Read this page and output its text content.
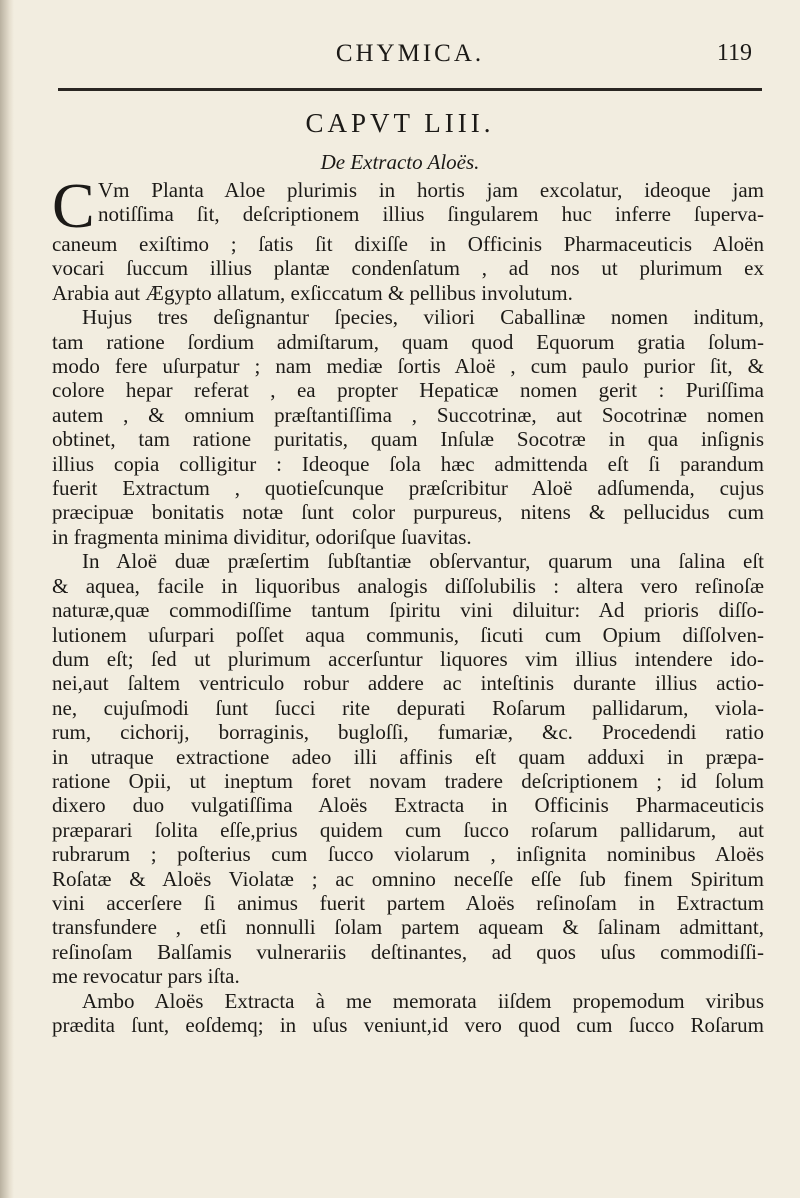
CHYMICA.	119
CAPVT LIII.
De Extracto Aloës.
C Vm Planta Aloe plurimis in hortis jam excolatur, ideoque jam
notiſſima ſit, deſcriptionem illius ſingularem huc inferre ſuperva-
caneum exiſtimo ; ſatis ſit dixiſſe in Officinis Pharmaceuticis Aloën
vocari ſuccum illius plantæ condenſatum , ad nos ut plurimum ex
Arabia aut Ægypto allatum, exſiccatum & pellibus involutum.
Hujus tres deſignantur ſpecies, viliori Caballinæ nomen inditum,
tam ratione ſordium admiſtarum, quam quod Equorum gratia ſolum-
modo fere uſurpatur ; nam mediæ ſortis Aloë , cum paulo purior ſit, &
colore hepar referat , ea propter Hepaticæ nomen gerit : Puriſſima
autem , & omnium præſtantiſſima , Succotrinæ, aut Socotrinæ nomen
obtinet, tam ratione puritatis, quam Inſulæ Socotræ in qua inſignis
illius copia colligitur : Ideoque ſola hæc admittenda eſt ſi parandum
fuerit Extractum , quotieſcunque præſcribitur Aloë adſumenda, cujus
præcipuæ bonitatis notæ ſunt color purpureus, nitens & pellucidus cum
in fragmenta minima dividitur, odoriſque ſuavitas.
In Aloë duæ præſertim ſubſtantiæ obſervantur, quarum una ſalina eſt
& aquea, facile in liquoribus analogis diſſolubilis : altera vero reſinoſæ
naturæ,quæ commodiſſime tantum ſpiritu vini diluitur: Ad prioris diſſo-
lutionem uſurpari poſſet aqua communis, ſicuti cum Opium diſſolven-
dum eſt; ſed ut plurimum accerſuntur liquores vim illius intendere ido-
nei,aut ſaltem ventriculo robur addere ac inteſtinis durante illius actio-
ne, cujuſmodi ſunt ſucci rite depurati Roſarum pallidarum, viola-
rum, cichorij, borraginis, bugloſſi, fumariæ, &c. Procedendi ratio
in utraque extractione adeo illi affinis eſt quam adduxi in præpa-
ratione Opii, ut ineptum foret novam tradere deſcriptionem ; id ſolum
dixero duo vulgatiſſima Aloës Extracta in Officinis Pharmaceuticis
præparari ſolita eſſe,prius quidem cum ſucco roſarum pallidarum, aut
rubrarum ; poſterius cum ſucco violarum , inſignita nominibus Aloës
Roſatæ & Aloës Violatæ ; ac omnino neceſſe eſſe ſub finem Spiritum
vini accerſere ſi animus fuerit partem Aloës reſinoſam in Extractum
transfundere , etſi nonnulli ſolam partem aqueam & ſalinam admittant,
reſinoſam Balſamis vulnerariis deſtinantes, ad quos uſus commodiſſi-
me revocatur pars iſta.
Ambo Aloës Extracta à me memorata iiſdem propemodum viribus
prædita ſunt, eoſdemq; in uſus veniunt,id vero quod cum ſucco Roſarum
